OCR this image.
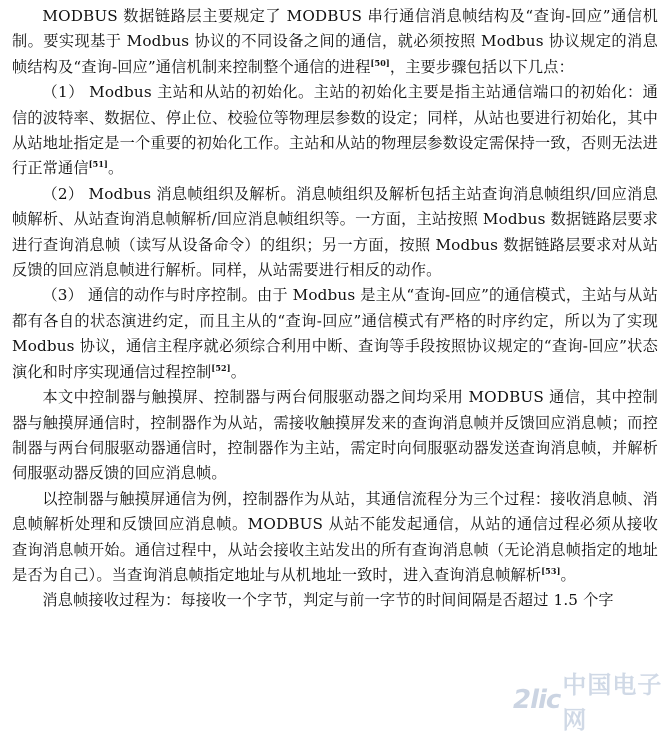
MODBUS 数据链路层主要规定了 MODBUS 串行通信消息帧结构及“查询-回应”通信机制。要实现基于 Modbus 协议的不同设备之间的通信，就必须按照 Modbus 协议规定的消息帧结构及“查询-回应”通信机制来控制整个通信的进程[50]，主要步骤包括以下几点：

（1） Modbus 主站和从站的初始化。主站的初始化主要是指主站通信端口的初始化：通信的波特率、数据位、停止位、校验位等物理层参数的设定；同样，从站也要进行初始化，其中从站地址指定是一个重要的初始化工作。主站和从站的物理层参数设定需保持一致，否则无法进行正常通信[51]。

（2） Modbus 消息帧组织及解析。消息帧组织及解析包括主站查询消息帧组织/回应消息帧解析、从站查询消息帧解析/回应消息帧组织等。一方面，主站按照 Modbus 数据链路层要求进行查询消息帧（读写从设备命令）的组织；另一方面，按照 Modbus 数据链路层要求对从站反馈的回应消息帧进行解析。同样，从站需要进行相反的动作。

（3） 通信的动作与时序控制。由于 Modbus 是主从“查询-回应”的通信模式，主站与从站都有各自的状态演进约定，而且主从的“查询-回应”通信模式有严格的时序约定，所以为了实现 Modbus 协议，通信主程序就必须综合利用中断、查询等手段按照协议规定的“查询-回应”状态演化和时序实现通信过程控制[52]。

本文中控制器与触摸屏、控制器与两台伺服驱动器之间均采用 MODBUS 通信，其中控制器与触摸屏通信时，控制器作为从站，需接收触摸屏发来的查询消息帧并反馈回应消息帧；而控制器与两台伺服驱动器通信时，控制器作为主站，需定时向伺服驱动器发送查询消息帧，并解析伺服驱动器反馈的回应消息帧。

以控制器与触摸屏通信为例，控制器作为从站，其通信流程分为三个过程：接收消息帧、消息帧解析处理和反馈回应消息帧。MODBUS 从站不能发起通信，从站的通信过程必须从接收查询消息帧开始。通信过程中，从站会接收主站发出的所有查询消息帧（无论消息帧指定的地址是否为自己）。当查询消息帧指定地址与从机地址一致时，进入查询消息帧解析[53]。

消息帧接收过程为：每接收一个字节，判定与前一字节的时间间隔是否超过 1.5 个字

2lic 中国电子网
